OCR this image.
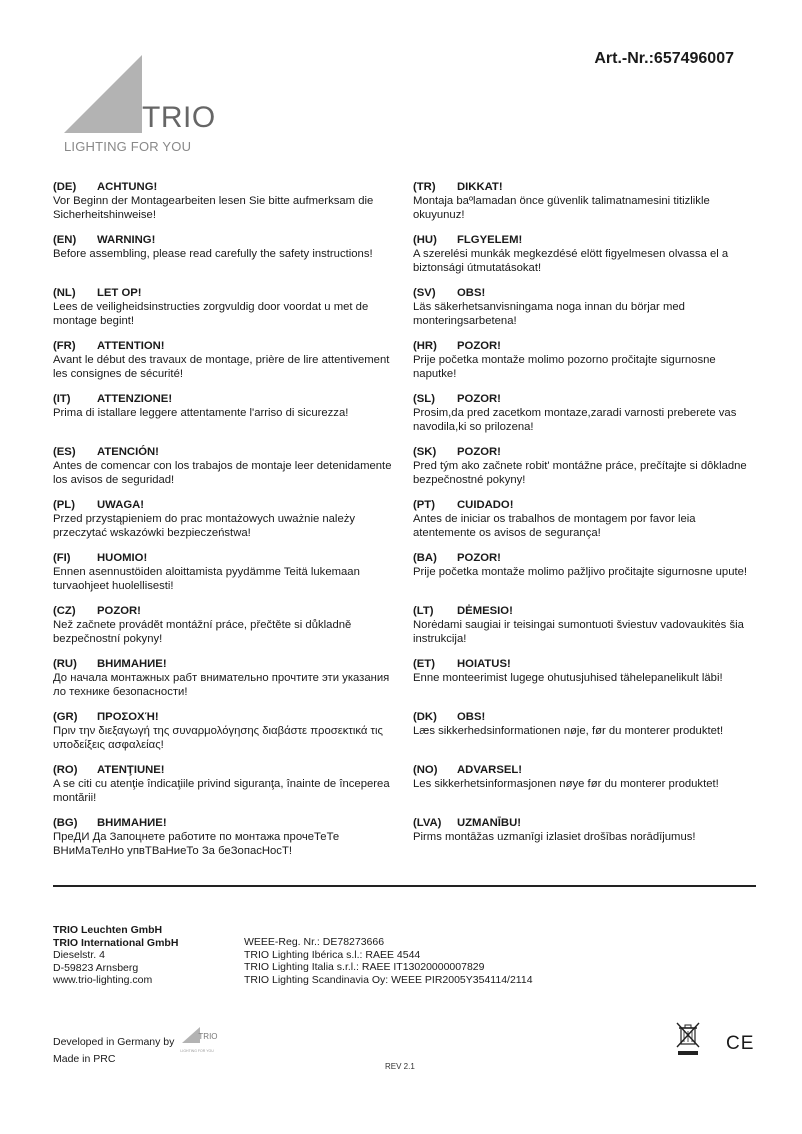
Art.-Nr.:657496007
TRIO
LIGHTING FOR YOU
(DE) ACHTUNG!
Vor Beginn der Montagearbeiten lesen Sie bitte aufmerksam die Sicherheitshinweise!
(EN) WARNING!
Before assembling, please read carefully the safety instructions!
(NL) LET OP!
Lees de veiligheidsinstructies zorgvuldig door voordat u met de montage begint!
(FR) ATTENTION!
Avant le début des travaux de montage, prière de lire attentivement les consignes de sécurité!
(IT) ATTENZIONE!
Prima di istallare leggere attentamente l'arriso di sicurezza!
(ES) ATENCIÓN!
Antes de comencar con los trabajos de montaje leer detenidamente los avisos de seguridad!
(PL) UWAGA!
Przed przystąpieniem do prac montażowych uważnie należy przeczytać wskazówki bezpieczeństwa!
(FI) HUOMIO!
Ennen asennustöiden aloittamista pyydämme Teitä lukemaan turvaohjeet huolellisesti!
(CZ) POZOR!
Než začnete provádět montážní práce, přečtěte si důkladně bezpečnostní pokyny!
(RU) ВНИМАНИЕ!
До начала монтажных рабт внимательно прочтите эти указания ло технике безопасности!
(GR) ΠΡΟΣΟΧΉ!
Πριν την διεξαγωγή της συναρμολόγησης διαβάστε προσεκτικά τις υποδείξεις ασφαλείας!
(RO) ATENŢIUNE!
A se citi cu atenţie îndicaţiile privind siguranţa, înainte de începerea montării!
(BG) ВНИМАНИЕ!
ПреДИ Да Запоцнете работите по монтажа прочеТеТе ВНиМаТелНо упвТВаНиеТо За беЗопасНосТ!
(TR) DIKKAT!
Montaja baºlamadan önce güvenlik talimatnamesini titizlikle okuyunuz!
(HU) FLGYELEM!
A szerelési munkák megkezdésé elött figyelmesen olvassa el a biztonsági útmutatásokat!
(SV) OBS!
Läs säkerhetsanvisningama noga innan du börjar med monteringsarbetena!
(HR) POZOR!
Prije početka montaže molimo pozorno pročitajte sigurnosne naputke!
(SL) POZOR!
Prosim,da pred zacetkom montaze,zaradi varnosti preberete vas navodila,ki so prilozena!
(SK) POZOR!
Pred tým ako začnete robit' montážne práce, prečítajte si dôkladne bezpečnostné pokyny!
(PT) CUIDADO!
Antes de iniciar os trabalhos de montagem por favor leia atentemente os avisos de segurança!
(BA) POZOR!
Prije početka montaže molimo pažljivo pročitajte sigurnosne upute!
(LT) DĖMESIO!
Norėdami saugiai ir teisingai sumontuoti šviestuv vadovaukitės šia instrukcija!
(ET) HOIATUS!
Enne monteerimist lugege ohutusjuhised tähelepanelikult läbi!
(DK) OBS!
Læs sikkerhedsinformationen nøje, før du monterer produktet!
(NO) ADVARSEL!
Les sikkerhetsinformasjonen nøye før du monterer produktet!
(LVA) UZMANĪBU!
Pirms montāžas uzmanīgi izlasiet drošības norādījumus!
TRIO Leuchten GmbH
TRIO International GmbH
Dieselstr. 4
D-59823 Arnsberg
www.trio-lighting.com
WEEE-Reg. Nr.: DE78273666
TRIO Lighting Ibérica s.l.: RAEE 4544
TRIO Lighting Italia s.r.l.: RAEE IT13020000007829
TRIO Lighting Scandinavia Oy: WEEE PIR2005Y354114/2114
Developed in Germany by	TRIO
LIGHTING FOR YOU
Made in PRC
REV 2.1
CE
